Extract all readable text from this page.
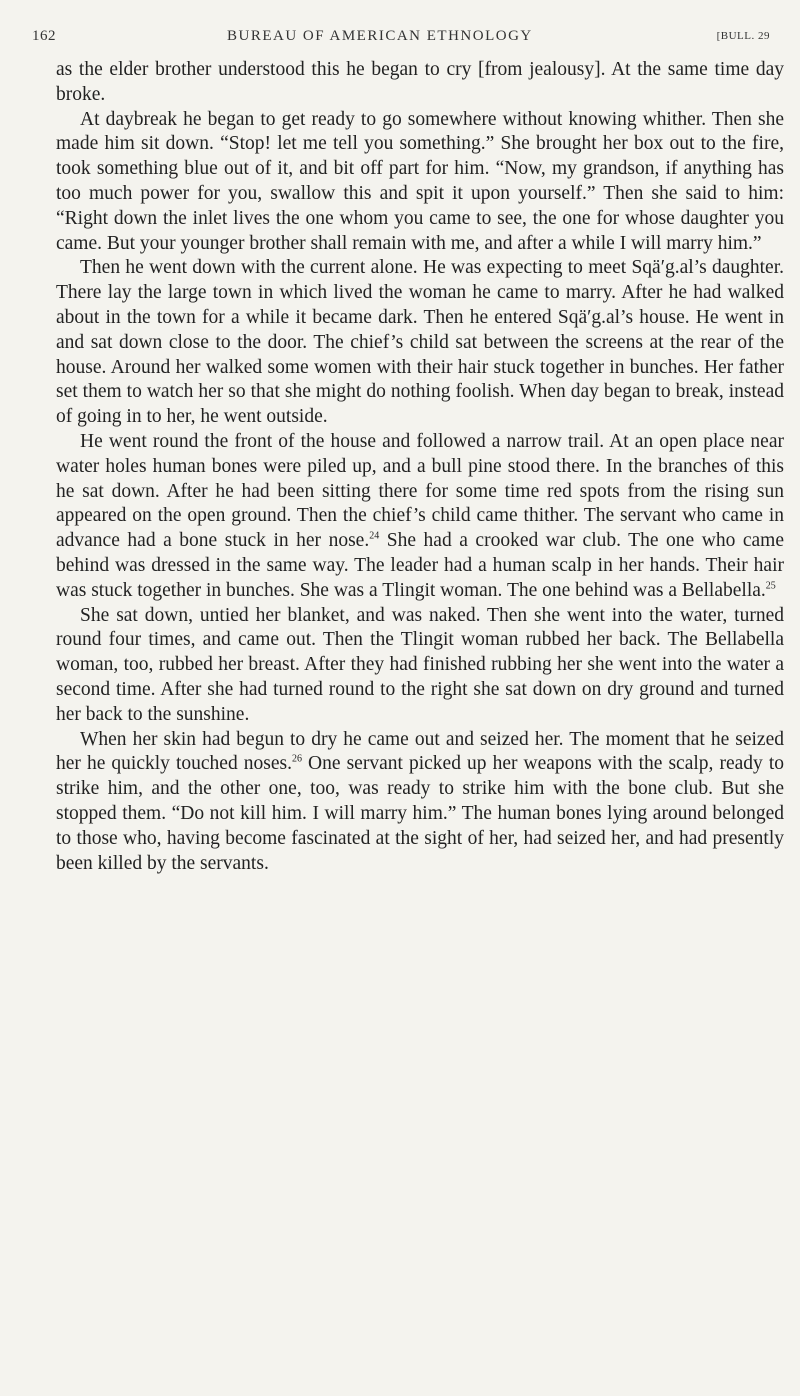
162	BUREAU OF AMERICAN ETHNOLOGY	[BULL. 29

as the elder brother understood this he began to cry [from jealousy]. At the same time day broke.

At daybreak he began to get ready to go somewhere without knowing whither. Then she made him sit down. “Stop! let me tell you something.” She brought her box out to the fire, took something blue out of it, and bit off part for him. “Now, my grandson, if anything has too much power for you, swallow this and spit it upon yourself.” Then she said to him: “Right down the inlet lives the one whom you came to see, the one for whose daughter you came. But your younger brother shall remain with me, and after a while I will marry him.”

Then he went down with the current alone. He was expecting to meet Sqä′g.al’s daughter. There lay the large town in which lived the woman he came to marry. After he had walked about in the town for a while it became dark. Then he entered Sqä′g.al’s house. He went in and sat down close to the door. The chief’s child sat between the screens at the rear of the house. Around her walked some women with their hair stuck together in bunches. Her father set them to watch her so that she might do nothing foolish. When day began to break, instead of going in to her, he went outside.

He went round the front of the house and followed a narrow trail. At an open place near water holes human bones were piled up, and a bull pine stood there. In the branches of this he sat down. After he had been sitting there for some time red spots from the rising sun appeared on the open ground. Then the chief’s child came thither. The servant who came in advance had a bone stuck in her nose.$^{24}$ She had a crooked war club. The one who came behind was dressed in the same way. The leader had a human scalp in her hands. Their hair was stuck together in bunches. She was a Tlingit woman. The one behind was a Bellabella.$^{25}$

She sat down, untied her blanket, and was naked. Then she went into the water, turned round four times, and came out. Then the Tlingit woman rubbed her back. The Bellabella woman, too, rubbed her breast. After they had finished rubbing her she went into the water a second time. After she had turned round to the right she sat down on dry ground and turned her back to the sunshine.

When her skin had begun to dry he came out and seized her. The moment that he seized her he quickly touched noses.$^{26}$ One servant picked up her weapons with the scalp, ready to strike him, and the other one, too, was ready to strike him with the bone club. But she stopped them. “Do not kill him. I will marry him.” The human bones lying around belonged to those who, having become fascinated at the sight of her, had seized her, and had presently been killed by the servants.
